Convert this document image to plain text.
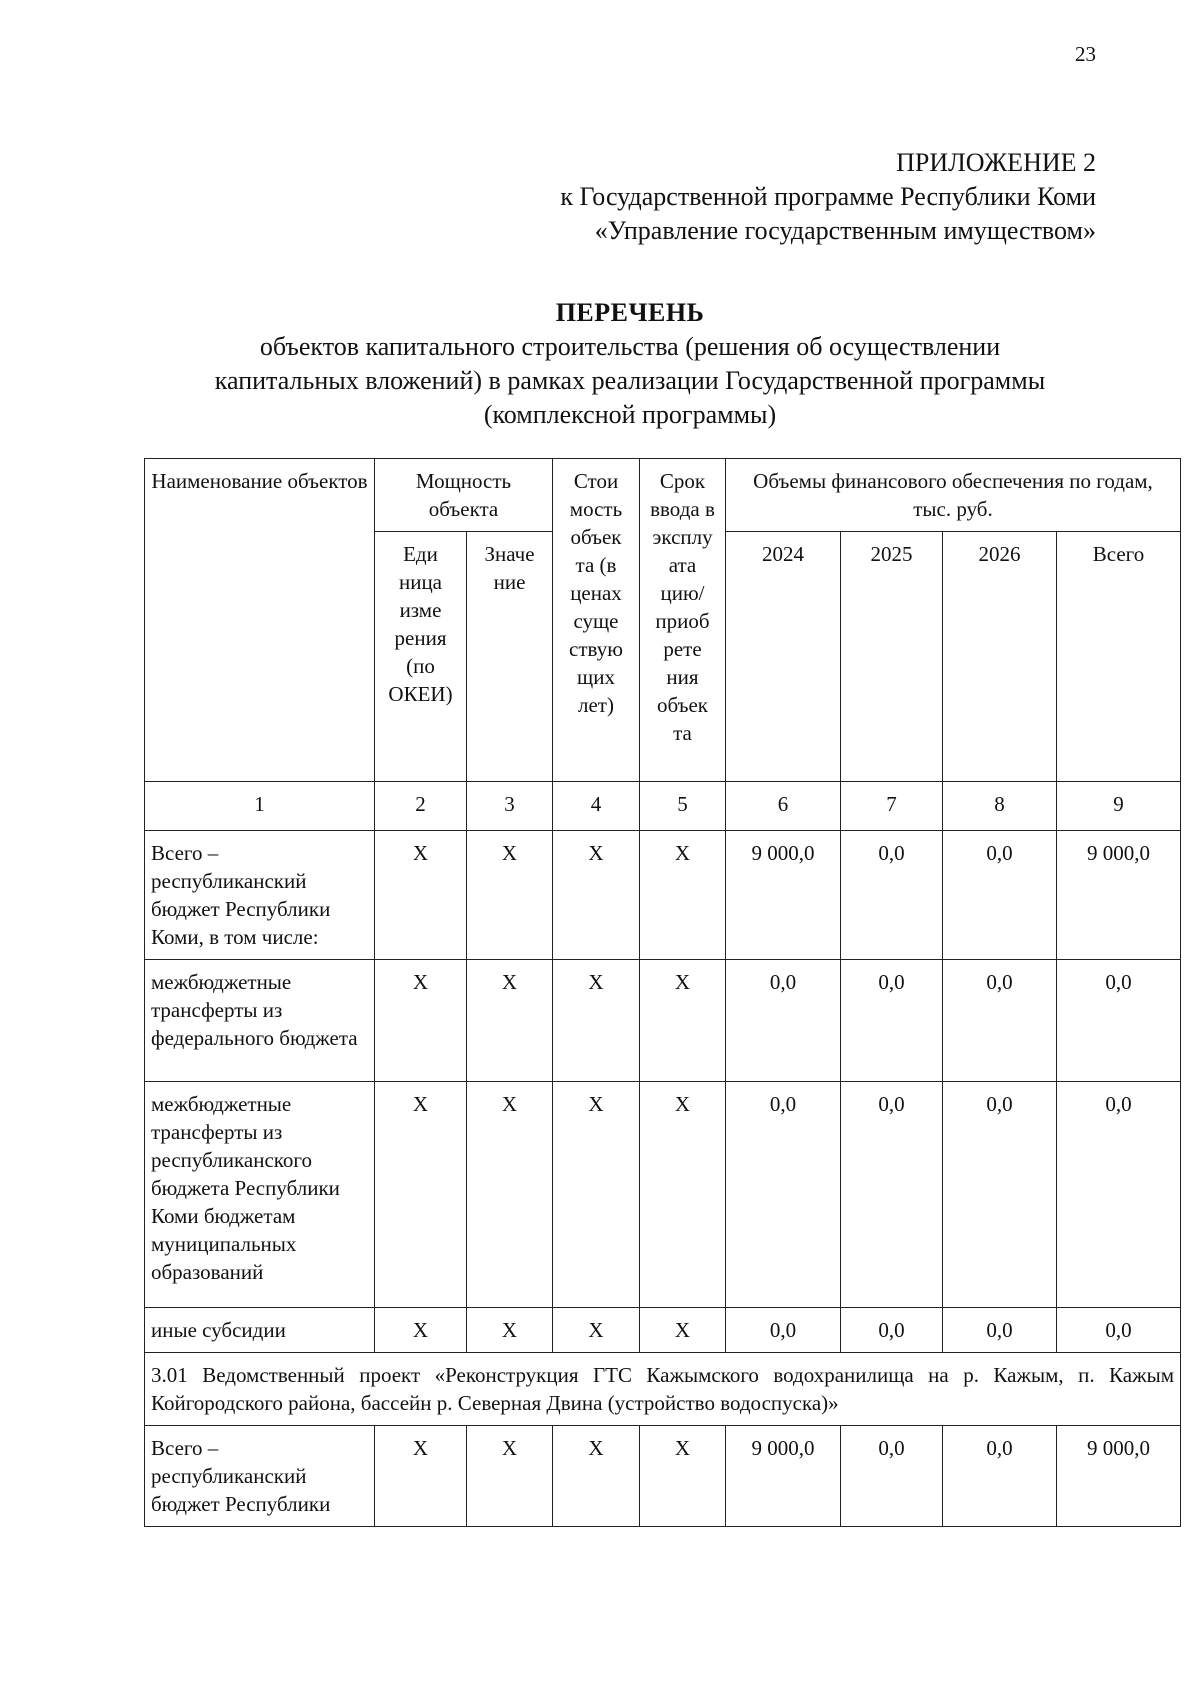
23
ПРИЛОЖЕНИЕ 2
к Государственной программе Республики Коми
«Управление государственным имуществом»
ПЕРЕЧЕНЬ
объектов капитального строительства (решения об осуществлении
капитальных вложений) в рамках реализации Государственной программы
(комплексной программы)
Наименование объектов	Мощность объекта		Стои мость объек та (в ценах суще ствую щих лет)	Срок ввода в эксплу ата цию/ приоб рете ния объек та	Объемы финансового обеспечения по годам, тыс. руб.			
	Еди ница изме рения (по ОКЕИ)	Значе ние			2024	2025	2026	Всего
1	2	3	4	5	6	7	8	9
Всего – республиканский бюджет Республики Коми, в том числе:	Х	Х	Х	Х	9 000,0	0,0	0,0	9 000,0
межбюджетные трансферты из федерального бюджета	Х	Х	Х	Х	0,0	0,0	0,0	0,0
межбюджетные трансферты из республиканского бюджета Республики Коми бюджетам муниципальных образований	Х	Х	Х	Х	0,0	0,0	0,0	0,0
иные субсидии	Х	Х	Х	Х	0,0	0,0	0,0	0,0
3.01 Ведомственный проект «Реконструкция ГТС Кажымского водохранилища на р. Кажым, п. Кажым Койгородского района, бассейн р. Северная Двина (устройство водоспуска)»								
Всего – республиканский бюджет Республики	Х	Х	Х	Х	9 000,0	0,0	0,0	9 000,0
